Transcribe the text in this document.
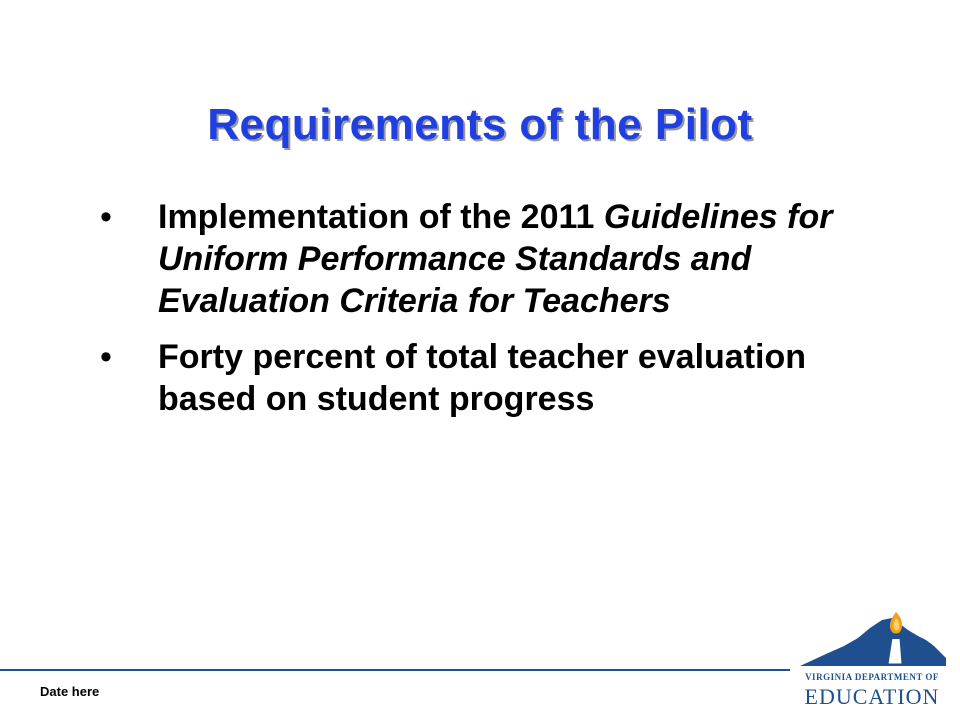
Requirements of the Pilot
• Implementation of the 2011 Guidelines for Uniform Performance Standards and Evaluation Criteria for Teachers
• Forty percent of total teacher evaluation based on student progress
Date here
VIRGINIA DEPARTMENT OF
EDUCATION
